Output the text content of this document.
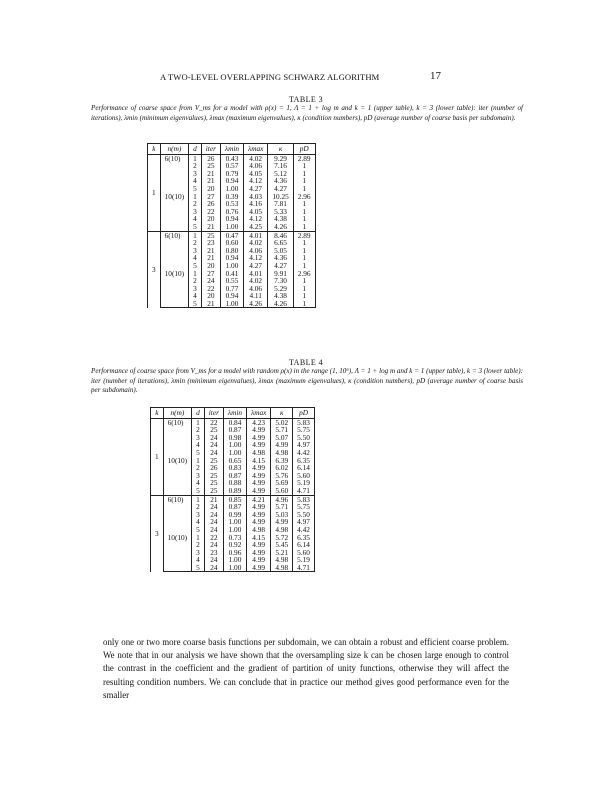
A TWO-LEVEL OVERLAPPING SCHWARZ ALGORITHM	17
TABLE 3
Performance of coarse space from V_ms for a model with ρ(x) = 1, Λ = 1 + log m and k = 1 (upper table), k = 3 (lower table): iter (number of iterations), λmin (minimum eigenvalues), λmax (maximum eigenvalues), κ (condition numbers), pD (average number of coarse basis per subdomain).
k	n(m)	d	iter	λmin	λmax	κ	pD
1	6(10)	1	26	0.43	4.02	9.29	2.89
		2	25	0.57	4.06	7.16	1
		3	21	0.79	4.05	5.12	1
		4	21	0.94	4.12	4.36	1
		5	20	1.00	4.27	4.27	1
	10(10)	1	27	0.39	4.03	10.25	2.96
		2	26	0.53	4.16	7.81	1
		3	22	0.76	4.05	5.33	1
		4	20	0.94	4.12	4.38	1
		5	21	1.00	4.25	4.26	1
3	6(10)	1	25	0.47	4.01	8.46	2.89
		2	23	0.60	4.02	6.65	1
		3	21	0.80	4.06	5.05	1
		4	21	0.94	4.12	4.36	1
		5	20	1.00	4.27	4.27	1
	10(10)	1	27	0.41	4.01	9.91	2.96
		2	24	0.55	4.02	7.30	1
		3	22	0.77	4.06	5.29	1
		4	20	0.94	4.11	4.38	1
		5	21	1.00	4.26	4.26	1
TABLE 4
Performance of coarse space from V_ms for a model with random ρ(x) in the range (1, 10⁶), Λ = 1 + log m and k = 1 (upper table), k = 3 (lower table): iter (number of iterations), λmin (minimum eigenvalues), λmax (maximum eigenvalues), κ (condition numbers), pD (average number of coarse basis per subdomain).
k	n(m)	d	iter	λmin	λmax	κ	pD
1	6(10)	1	22	0.84	4.23	5.02	5.83
		2	25	0.87	4.99	5.71	5.75
		3	24	0.98	4.99	5.07	5.50
		4	24	1.00	4.99	4.99	4.97
		5	24	1.00	4.98	4.98	4.42
	10(10)	1	25	0.65	4.15	6.39	6.35
		2	26	0.83	4.99	6.02	6.14
		3	25	0.87	4.99	5.76	5.60
		4	25	0.88	4.99	5.69	5.19
		5	25	0.89	4.99	5.60	4.71
3	6(10)	1	21	0.85	4.21	4.96	5.83
		2	24	0.87	4.99	5.71	5.75
		3	24	0.99	4.99	5.03	5.50
		4	24	1.00	4.99	4.99	4.97
		5	24	1.00	4.98	4.98	4.42
	10(10)	1	22	0.73	4.15	5.72	6.35
		2	24	0.92	4.99	5.45	6.14
		3	23	0.96	4.99	5.21	5.60
		4	24	1.00	4.99	4.98	5.19
		5	24	1.00	4.99	4.98	4.71
only one or two more coarse basis functions per subdomain, we can obtain a robust and efficient coarse problem. We note that in our analysis we have shown that the oversampling size k can be chosen large enough to control the contrast in the coefficient and the gradient of partition of unity functions, otherwise they will affect the resulting condition numbers. We can conclude that in practice our method gives good performance even for the smaller
